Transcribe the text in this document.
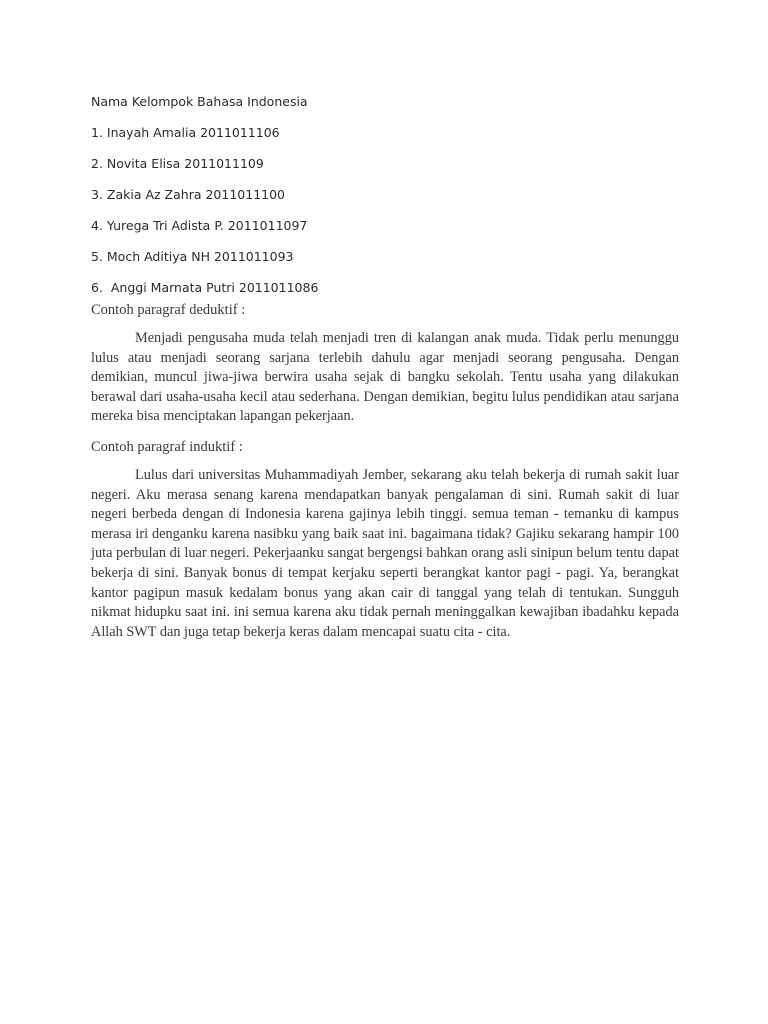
Nama Kelompok Bahasa Indonesia

1. Inayah Amalia 2011011106

2. Novita Elisa 2011011109

3. Zakia Az Zahra 2011011100

4. Yurega Tri Adista P. 2011011097

5. Moch Aditiya NH 2011011093

6.  Anggi Marnata Putri 2011011086

Contoh paragraf deduktif :

Menjadi pengusaha muda telah menjadi tren di kalangan anak muda. Tidak perlu menunggu lulus atau menjadi seorang sarjana terlebih dahulu agar menjadi seorang pengusaha. Dengan demikian, muncul jiwa-jiwa berwira usaha sejak di bangku sekolah. Tentu usaha yang dilakukan berawal dari usaha-usaha kecil atau sederhana. Dengan demikian, begitu lulus pendidikan atau sarjana mereka bisa menciptakan lapangan pekerjaan.

Contoh paragraf induktif :

Lulus dari universitas Muhammadiyah Jember, sekarang aku telah bekerja di rumah sakit luar negeri. Aku merasa senang karena mendapatkan banyak pengalaman di sini. Rumah sakit di luar negeri berbeda dengan di Indonesia karena gajinya lebih tinggi. semua teman - temanku di kampus merasa iri denganku karena nasibku yang baik saat ini. bagaimana tidak? Gajiku sekarang hampir 100 juta perbulan di luar negeri. Pekerjaanku sangat bergengsi bahkan orang asli sinipun belum tentu dapat bekerja di sini. Banyak bonus di tempat kerjaku seperti berangkat kantor pagi - pagi. Ya, berangkat kantor pagipun masuk kedalam bonus yang akan cair di tanggal yang telah di tentukan. Sungguh nikmat hidupku saat ini. ini semua karena aku tidak pernah meninggalkan kewajiban ibadahku kepada Allah SWT dan juga tetap bekerja keras dalam mencapai suatu cita - cita.
